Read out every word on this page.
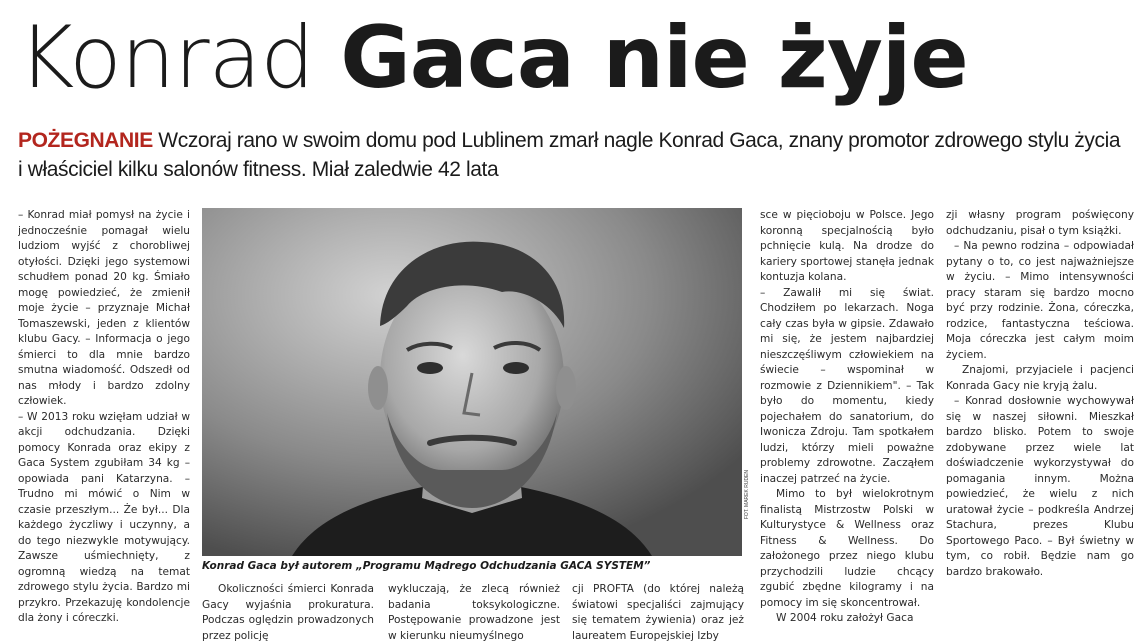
Konrad Gaca nie żyje
POŻEGNANIE Wczoraj rano w swoim domu pod Lublinem zmarł nagle Konrad Gaca, znany promotor zdrowego stylu życia i właściciel kilku salonów fitness. Miał zaledwie 42 lata

– Konrad miał pomysł na życie i jednocześnie pomagał wielu ludziom wyjść z chorobliwej otyłości. Dzięki jego systemowi schudłem ponad 20 kg. Śmiało mogę powiedzieć, że zmienił moje życie – przyznaje Michał Tomaszewski, jeden z klientów klubu Gacy. – Informacja o jego śmierci to dla mnie bardzo smutna wiadomość. Odszedł od nas młody i bardzo zdolny człowiek.

– W 2013 roku wzięłam udział w akcji odchudzania. Dzięki pomocy Konrada oraz ekipy z Gaca System zgubiłam 34 kg – opowiada pani Katarzyna. – Trudno mi mówić o Nim w czasie przeszłym... Że był... Dla każdego życzliwy i uczynny, a do tego niezwykle motywujący. Zawsze uśmiechnięty, z ogromną wiedzą na temat zdrowego stylu życia. Bardzo mi przykro. Przekazuję kondolencje dla żony i córeczki.

FOT. MAREK RUDEN
Konrad Gaca był autorem „Programu Mądrego Odchudzania GACA SYSTEM”

Okoliczności śmierci Konrada Gacy wyjaśnia prokuratura. Podczas oględzin prowadzonych przez policję

wykluczają, że zlecą również badania toksykologiczne. Postępowanie prowadzone jest w kierunku nieumyślnego

cji PROFTA (do której należą światowi specjaliści zajmujący się tematem żywienia) oraz jeż laureatem Europejskiej Izby

sce w pięcioboju w Polsce. Jego koronną specjalnością było pchnięcie kulą. Na drodze do kariery sportowej stanęła jednak kontuzja kolana.

– Zawalił mi się świat. Chodziłem po lekarzach. Noga cały czas była w gipsie. Zdawało mi się, że jestem najbardziej nieszczęśliwym człowiekiem na świecie – wspominał w rozmowie z Dziennikiem". – Tak było do momentu, kiedy pojechałem do sanatorium, do Iwonicza Zdroju. Tam spotkałem ludzi, którzy mieli poważne problemy zdrowotne. Zacząłem inaczej patrzeć na życie.

Mimo to był wielokrotnym finalistą Mistrzostw Polski w Kulturystyce & Wellness oraz Fitness & Wellness. Do założonego przez niego klubu przychodzili ludzie chcący zgubić zbędne kilogramy i na pomocy im się skoncentrował.

W 2004 roku założył Gaca

zji własny program poświęcony odchudzaniu, pisał o tym książki.

– Na pewno rodzina – odpowiadał pytany o to, co jest najważniejsze w życiu. – Mimo intensywności pracy staram się bardzo mocno być przy rodzinie. Żona, córeczka, rodzice, fantastyczna teściowa. Moja córeczka jest całym moim życiem.

Znajomi, przyjaciele i pacjenci Konrada Gacy nie kryją żalu.

– Konrad dosłownie wychowywał się w naszej siłowni. Mieszkał bardzo blisko. Potem to swoje zdobywane przez wiele lat doświadczenie wykorzystywał do pomagania innym. Można powiedzieć, że wielu z nich uratował życie – podkreśla Andrzej Stachura, prezes Klubu Sportowego Paco. – Był świetny w tym, co robił. Będzie nam go bardzo brakowało.
